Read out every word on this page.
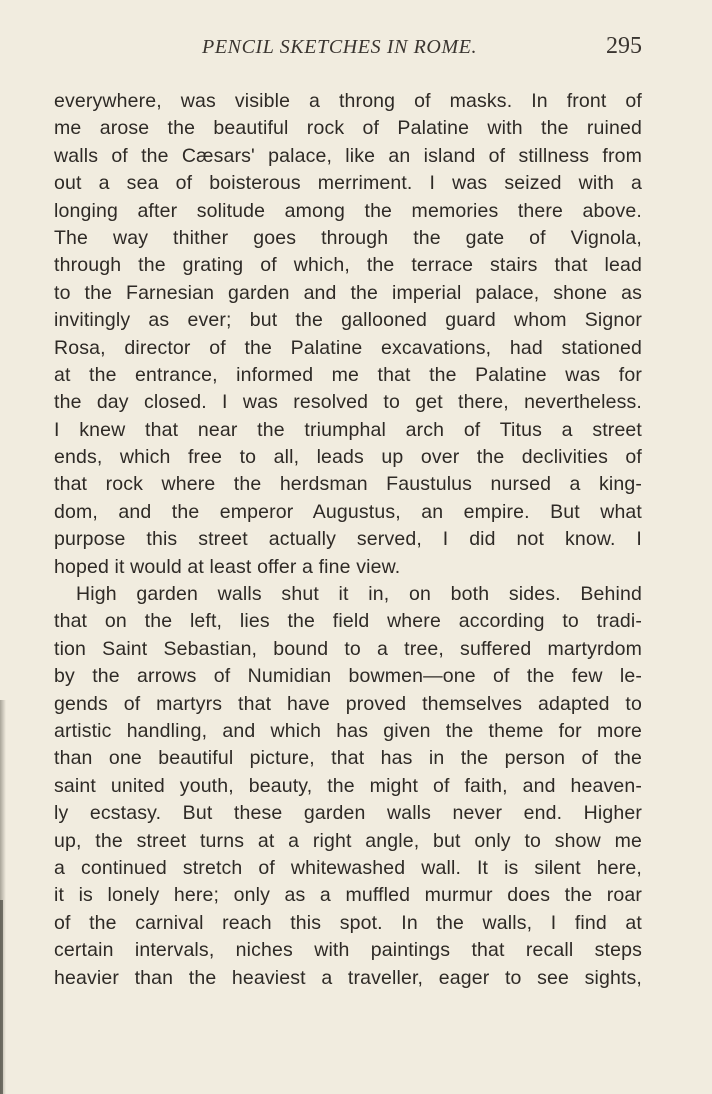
PENCIL SKETCHES IN ROME.	295
everywhere, was visible a throng of masks. In front of
me arose the beautiful rock of Palatine with the ruined
walls of the Cæsars' palace, like an island of stillness from
out a sea of boisterous merriment. I was seized with a
longing after solitude among the memories there above.
The way thither goes through the gate of Vignola,
through the grating of which, the terrace stairs that lead
to the Farnesian garden and the imperial palace, shone as
invitingly as ever; but the gallooned guard whom Signor
Rosa, director of the Palatine excavations, had stationed
at the entrance, informed me that the Palatine was for
the day closed. I was resolved to get there, nevertheless.
I knew that near the triumphal arch of Titus a street
ends, which free to all, leads up over the declivities of
that rock where the herdsman Faustulus nursed a king-
dom, and the emperor Augustus, an empire. But what
purpose this street actually served, I did not know. I
hoped it would at least offer a fine view.
High garden walls shut it in, on both sides. Behind
that on the left, lies the field where according to tradi-
tion Saint Sebastian, bound to a tree, suffered martyrdom
by the arrows of Numidian bowmen—one of the few le-
gends of martyrs that have proved themselves adapted to
artistic handling, and which has given the theme for more
than one beautiful picture, that has in the person of the
saint united youth, beauty, the might of faith, and heaven-
ly ecstasy. But these garden walls never end. Higher
up, the street turns at a right angle, but only to show me
a continued stretch of whitewashed wall. It is silent here,
it is lonely here; only as a muffled murmur does the roar
of the carnival reach this spot. In the walls, I find at
certain intervals, niches with paintings that recall steps
heavier than the heaviest a traveller, eager to see sights,
